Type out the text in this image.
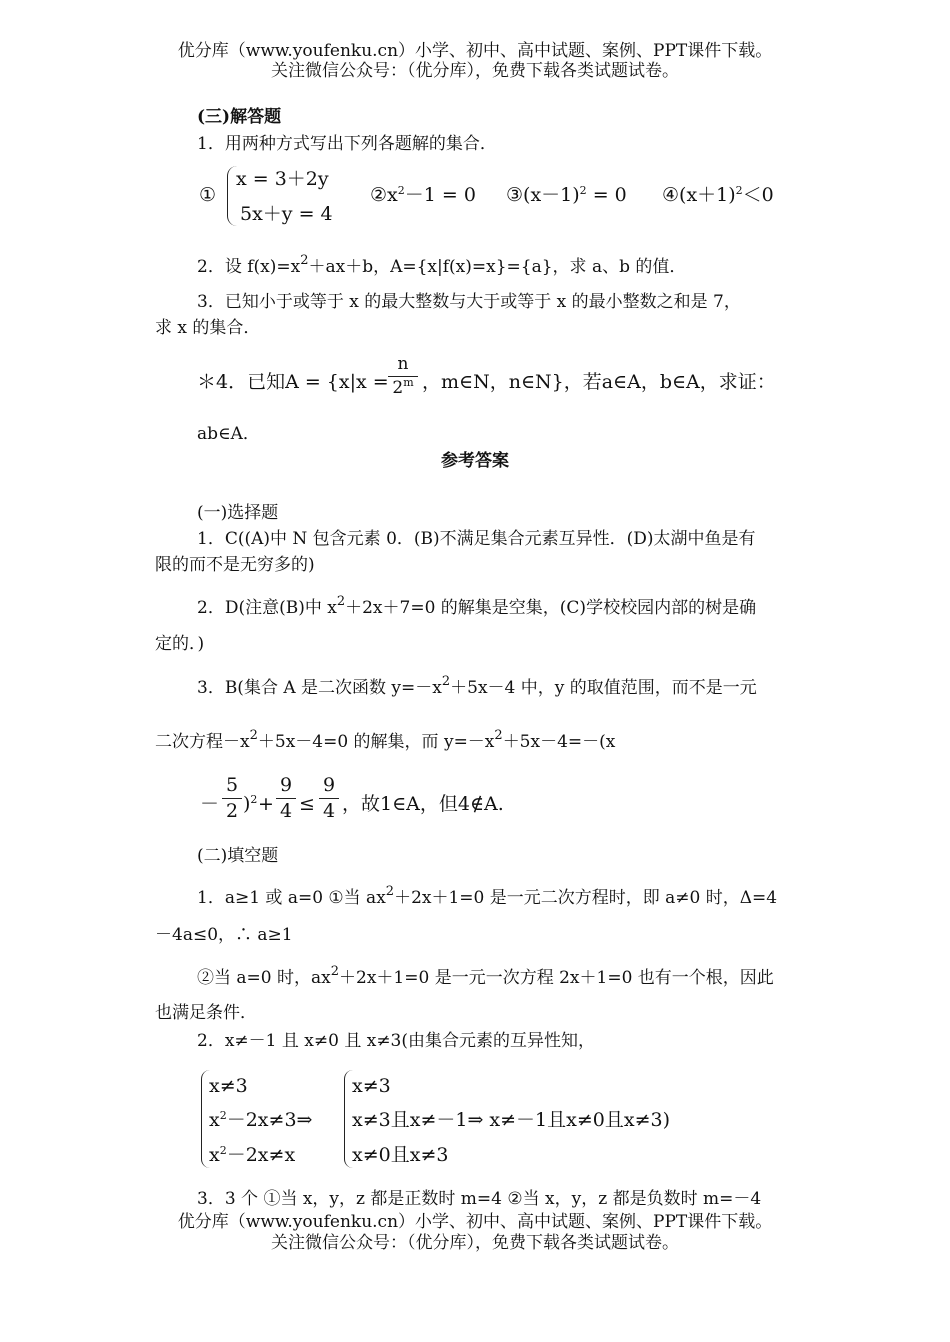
优分库（www.youfenku.cn）小学、初中、高中试题、案例、PPT课件下载。
关注微信公众号：（优分库），免费下载各类试题试卷。
(三)解答题
1．用两种方式写出下列各题解的集合．
①
x = 3＋2y
5x＋y = 4
$②x^2-1 = 0$ $③(x-1)^2 = 0$ $④(x+1)^2<0$
2．设 $f(x)=x^2+ax+b$，A={x|f(x)=x}={a}，求 a、b 的值．
3．已知小于或等于 x 的最大整数与大于或等于 x 的最小整数之和是 7，
求 x 的集合．
＊4．已知$A = \{x|x = \frac{n}{2^m}$ ，m∈N，n∈N}，若a∈A，b∈A，求证：
ab∈A．
参考答案
(一)选择题
1．C((A)中 N 包含元素 0．(B)不满足集合元素互异性．(D)太湖中鱼是有
限的而不是无穷多的)
2．D(注意(B)中 $x^2+2x+7=0$ 的解集是空集，(C)学校校园内部的树是确
定的．)
3．B(集合 A 是二次函数 $y=-x^2+5x-4$ 中，y 的取值范围，而不是一元
二次方程$-x^2+5x-4=0$ 的解集，而 $y=-x^2+5x-4=-(x$
－ $\frac{5}{2} )^2 + \frac{9}{4} \le \frac{9}{4}$ ，故1∈A，但4∉A.
(二)填空题
1．a≥1 或 a=0 ①当 $ax^2+2x+1=0$ 是一元二次方程时，即 a≠0 时，Δ=4
－4a≤0，∴ a≥1
②当 a=0 时，$ax^2+2x+1=0$ 是一元一次方程 2x＋1=0 也有一个根，因此
也满足条件．
2．x≠－1 且 x≠0 且 x≠3(由集合元素的互异性知，
x≠3
$x^2-2x\ne 3\Rightarrow$
$x^2-2x\ne x$
x≠3
x≠3且x≠－1⇒ x≠－1且x≠0且x≠3)
x≠0且x≠3
3．3 个 ①当 x，y，z 都是正数时 m=4 ②当 x，y，z 都是负数时 m=－4
优分库（www.youfenku.cn）小学、初中、高中试题、案例、PPT课件下载。
关注微信公众号：（优分库），免费下载各类试题试卷。
